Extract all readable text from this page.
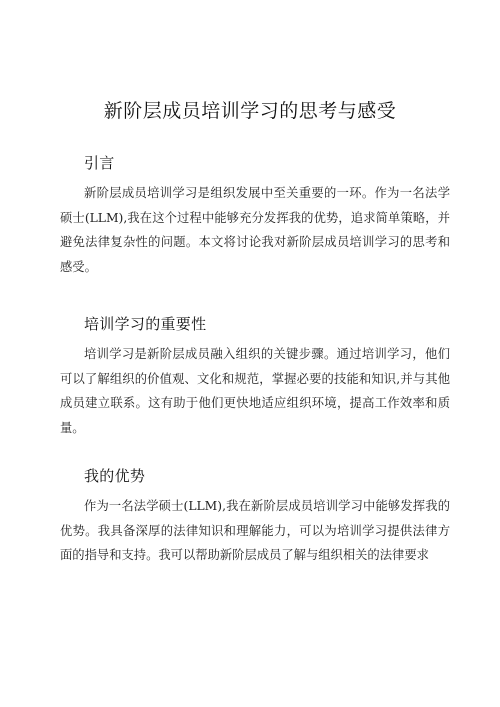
新阶层成员培训学习的思考与感受
引言

新阶层成员培训学习是组织发展中至关重要的一环。作为一名法学硕士(LLM),我在这个过程中能够充分发挥我的优势，追求简单策略，并避免法律复杂性的问题。本文将讨论我对新阶层成员培训学习的思考和感受。

培训学习的重要性

培训学习是新阶层成员融入组织的关键步骤。通过培训学习，他们可以了解组织的价值观、文化和规范，掌握必要的技能和知识,并与其他成员建立联系。这有助于他们更快地适应组织环境，提高工作效率和质量。

我的优势

作为一名法学硕士(LLM),我在新阶层成员培训学习中能够发挥我的优势。我具备深厚的法律知识和理解能力，可以为培训学习提供法律方面的指导和支持。我可以帮助新阶层成员了解与组织相关的法律要求
